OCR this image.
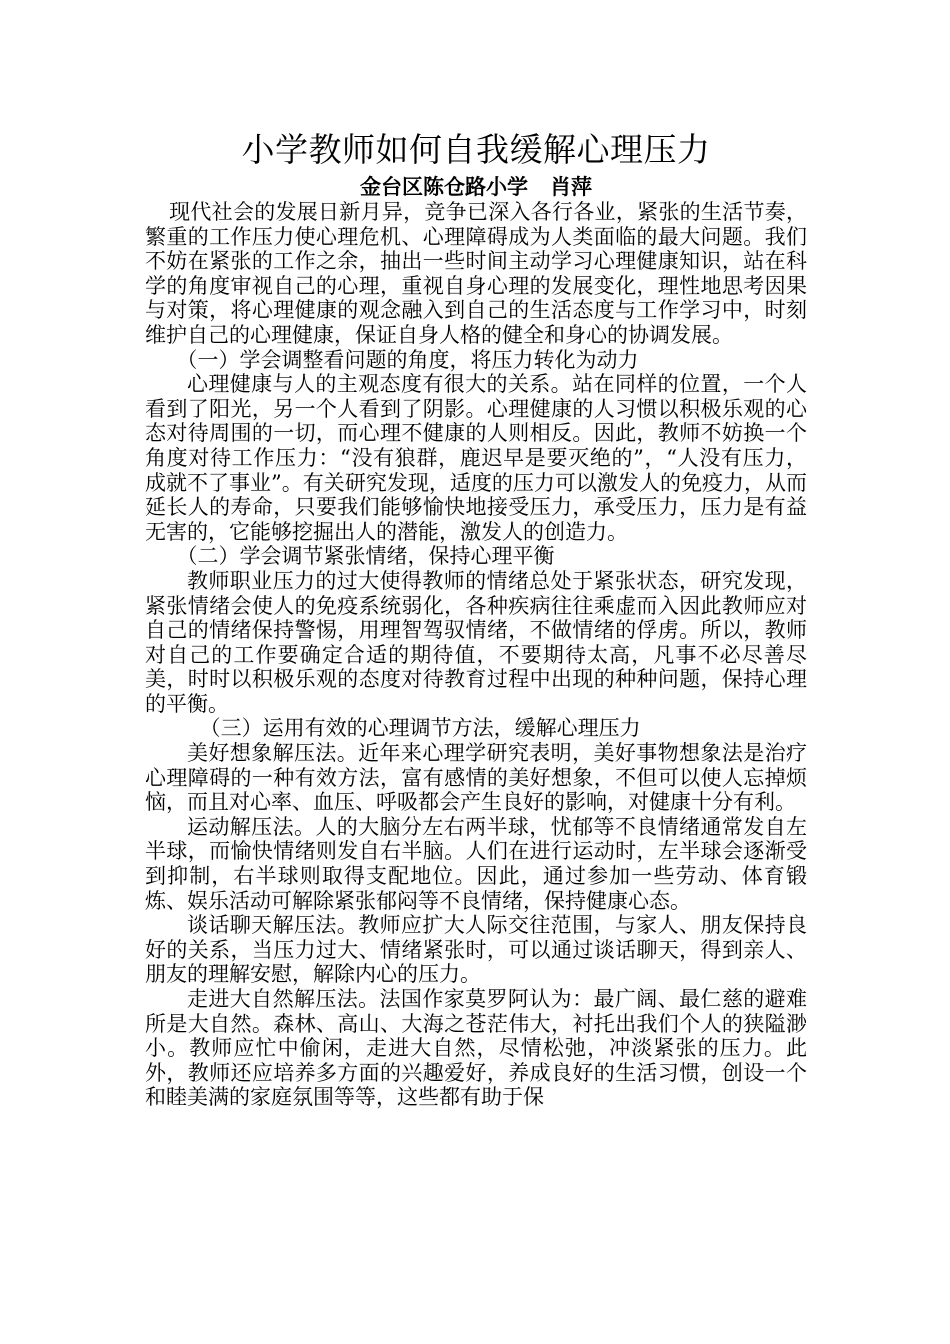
小学教师如何自我缓解心理压力
金台区陈仓路小学 肖萍

现代社会的发展日新月异，竞争已深入各行各业，紧张的生活节奏，繁重的工作压力使心理危机、心理障碍成为人类面临的最大问题。我们不妨在紧张的工作之余，抽出一些时间主动学习心理健康知识，站在科学的角度审视自己的心理，重视自身心理的发展变化，理性地思考因果与对策，将心理健康的观念融入到自己的生活态度与工作学习中，时刻维护自己的心理健康，保证自身人格的健全和身心的协调发展。

（一）学会调整看问题的角度，将压力转化为动力

心理健康与人的主观态度有很大的关系。站在同样的位置，一个人看到了阳光，另一个人看到了阴影。心理健康的人习惯以积极乐观的心态对待周围的一切，而心理不健康的人则相反。因此，教师不妨换一个角度对待工作压力：“没有狼群，鹿迟早是要灭绝的”，“人没有压力，成就不了事业”。有关研究发现，适度的压力可以激发人的免疫力，从而延长人的寿命，只要我们能够愉快地接受压力，承受压力，压力是有益无害的，它能够挖掘出人的潜能，激发人的创造力。

（二）学会调节紧张情绪，保持心理平衡

教师职业压力的过大使得教师的情绪总处于紧张状态，研究发现，紧张情绪会使人的免疫系统弱化，各种疾病往往乘虚而入因此教师应对自己的情绪保持警惕，用理智驾驭情绪，不做情绪的俘虏。所以，教师对自己的工作要确定合适的期待值，不要期待太高，凡事不必尽善尽美，时时以积极乐观的态度对待教育过程中出现的种种问题，保持心理的平衡。

（三）运用有效的心理调节方法，缓解心理压力

美好想象解压法。近年来心理学研究表明，美好事物想象法是治疗心理障碍的一种有效方法，富有感情的美好想象，不但可以使人忘掉烦恼，而且对心率、血压、呼吸都会产生良好的影响，对健康十分有利。

运动解压法。人的大脑分左右两半球，忧郁等不良情绪通常发自左半球，而愉快情绪则发自右半脑。人们在进行运动时，左半球会逐渐受到抑制，右半球则取得支配地位。因此，通过参加一些劳动、体育锻炼、娱乐活动可解除紧张郁闷等不良情绪，保持健康心态。

谈话聊天解压法。教师应扩大人际交往范围，与家人、朋友保持良好的关系，当压力过大、情绪紧张时，可以通过谈话聊天，得到亲人、朋友的理解安慰，解除内心的压力。

走进大自然解压法。法国作家莫罗阿认为：最广阔、最仁慈的避难所是大自然。森林、高山、大海之苍茫伟大，衬托出我们个人的狭隘渺小。教师应忙中偷闲，走进大自然，尽情松弛，冲淡紧张的压力。此外，教师还应培养多方面的兴趣爱好，养成良好的生活习惯，创设一个和睦美满的家庭氛围等等，这些都有助于保
